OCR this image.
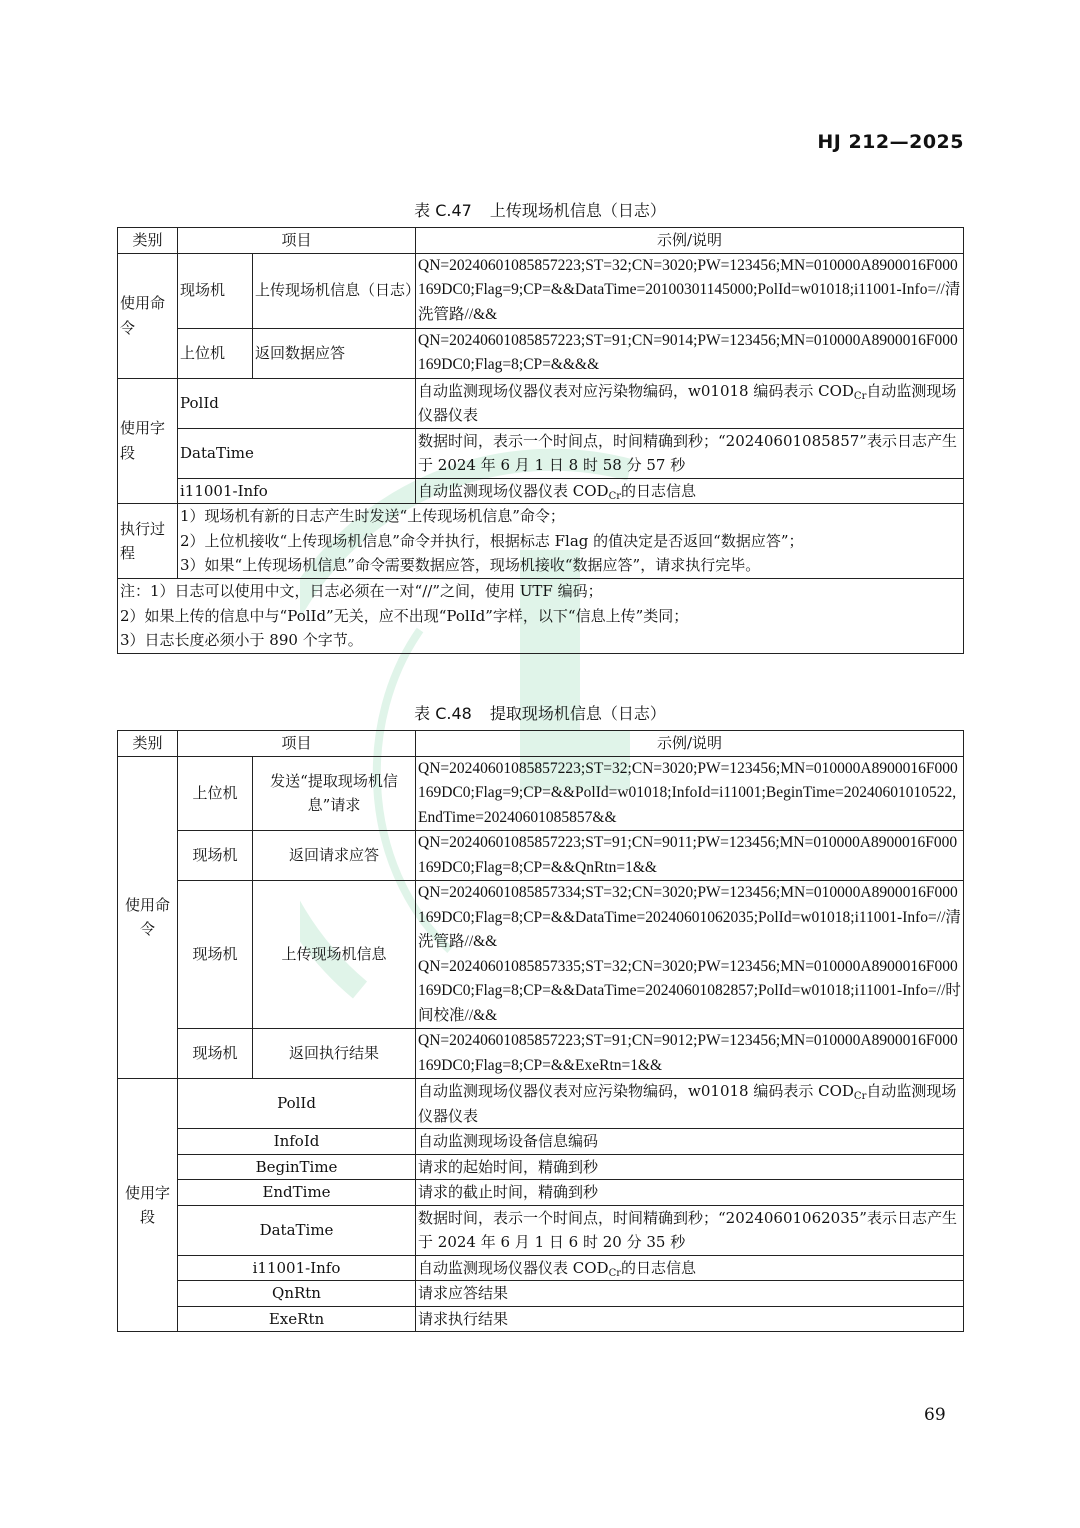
HJ 212—2025
表 C.47 上传现场机信息（日志）
类别	项目		示例/说明
使用命令	现场机	上传现场机信息（日志）	QN=20240601085857223;ST=32;CN=3020;PW=123456;MN=010000A8900016F000169DC0;Flag=9;CP=&&DataTime=20100301145000;PolId=w01018;i11001-Info=//清洗管路//&&
	上位机	返回数据应答	QN=20240601085857223;ST=91;CN=9014;PW=123456;MN=010000A8900016F000169DC0;Flag=8;CP=&&&&
使用字段	PolId		自动监测现场仪器仪表对应污染物编码，w01018 编码表示 $COD_{Cr}$自动监测现场仪器仪表
	DataTime		数据时间，表示一个时间点，时间精确到秒；“20240601085857”表示日志产生于 2024 年 6 月 1 日 8 时 58 分 57 秒
	i11001-Info		自动监测现场仪器仪表 $COD_{Cr}$的日志信息
执行过程	1）现场机有新的日志产生时发送“上传现场机信息”命令；
2）上位机接收“上传现场机信息”命令并执行，根据标志 Flag 的值决定是否返回“数据应答”；
3）如果“上传现场机信息”命令需要数据应答，现场机接收“数据应答”，请求执行完毕。		

注：1）日志可以使用中文，日志必须在一对“//”之间，使用 UTF 编码；
2）如果上传的信息中与“PolId”无关，应不出现“PolId”字样，以下“信息上传”类同；
3）日志长度必须小于 890 个字节。			
表 C.48 提取现场机信息（日志）
类别	项目		示例/说明
使用命令	上位机	发送“提取现场机信息”请求	QN=20240601085857223;ST=32;CN=3020;PW=123456;MN=010000A8900016F000169DC0;Flag=9;CP=&&PolId=w01018;InfoId=i11001;BeginTime=20240601010522,EndTime=20240601085857&&
	现场机	返回请求应答	QN=20240601085857223;ST=91;CN=9011;PW=123456;MN=010000A8900016F000169DC0;Flag=8;CP=&&QnRtn=1&&
	现场机	上传现场机信息	QN=20240601085857334;ST=32;CN=3020;PW=123456;MN=010000A8900016F000169DC0;Flag=8;CP=&&DataTime=20240601062035;PolId=w01018;i11001-Info=//清洗管路//&&
QN=20240601085857335;ST=32;CN=3020;PW=123456;MN=010000A8900016F000169DC0;Flag=8;CP=&&DataTime=20240601082857;PolId=w01018;i11001-Info=//时间校准//&&

	现场机	返回执行结果	QN=20240601085857223;ST=91;CN=9012;PW=123456;MN=010000A8900016F000169DC0;Flag=8;CP=&&ExeRtn=1&&
使用字段	PolId		自动监测现场仪器仪表对应污染物编码，w01018 编码表示 $COD_{Cr}$自动监测现场仪器仪表
	InfoId		自动监测现场设备信息编码
	BeginTime		请求的起始时间，精确到秒
	EndTime		请求的截止时间，精确到秒
	DataTime		数据时间，表示一个时间点，时间精确到秒；“20240601062035”表示日志产生于 2024 年 6 月 1 日 6 时 20 分 35 秒
	i11001-Info		自动监测现场仪器仪表 $COD_{Cr}$的日志信息
	QnRtn		请求应答结果
	ExeRtn		请求执行结果
69
